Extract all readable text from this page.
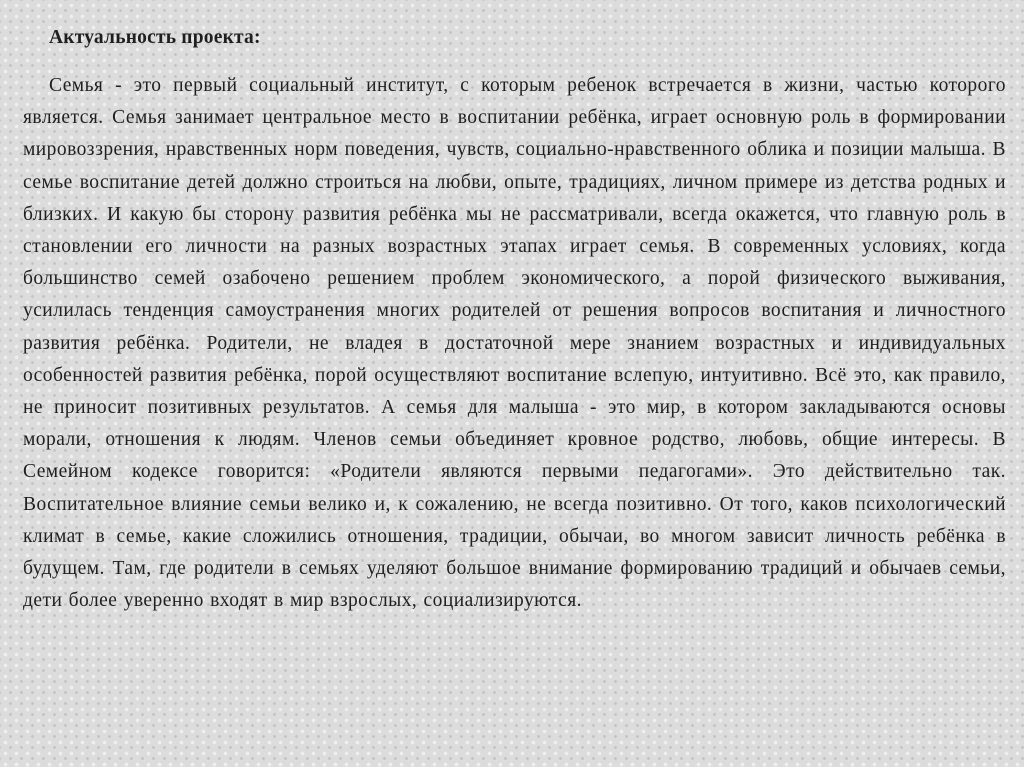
Актуальность проекта:

Семья - это первый социальный институт, с которым ребенок встречается в жизни, частью которого является. Семья занимает центральное место в воспитании ребёнка, играет основную роль в формировании мировоззрения, нравственных норм поведения, чувств, социально-нравственного облика и позиции малыша. В семье воспитание детей должно строиться на любви, опыте, традициях, личном примере из детства родных и близких. И какую бы сторону развития ребёнка мы не рассматривали, всегда окажется, что главную роль в становлении его личности на разных возрастных этапах играет семья. В современных условиях, когда большинство семей озабочено решением проблем экономического, а порой физического выживания, усилилась тенденция самоустранения многих родителей от решения вопросов воспитания и личностного развития ребёнка. Родители, не владея в достаточной мере знанием возрастных и индивидуальных особенностей развития ребёнка, порой осуществляют воспитание вслепую, интуитивно. Всё это, как правило, не приносит позитивных результатов. А семья для малыша - это мир, в котором закладываются основы морали, отношения к людям. Членов семьи объединяет кровное родство, любовь, общие интересы. В Семейном кодексе говорится: «Родители являются первыми педагогами». Это действительно так. Воспитательное влияние семьи велико и, к сожалению, не всегда позитивно. От того, каков психологический климат в семье, какие сложились отношения, традиции, обычаи, во многом зависит личность ребёнка в будущем. Там, где родители в семьях уделяют большое внимание формированию традиций и обычаев семьи, дети более уверенно входят в мир взрослых, социализируются.
